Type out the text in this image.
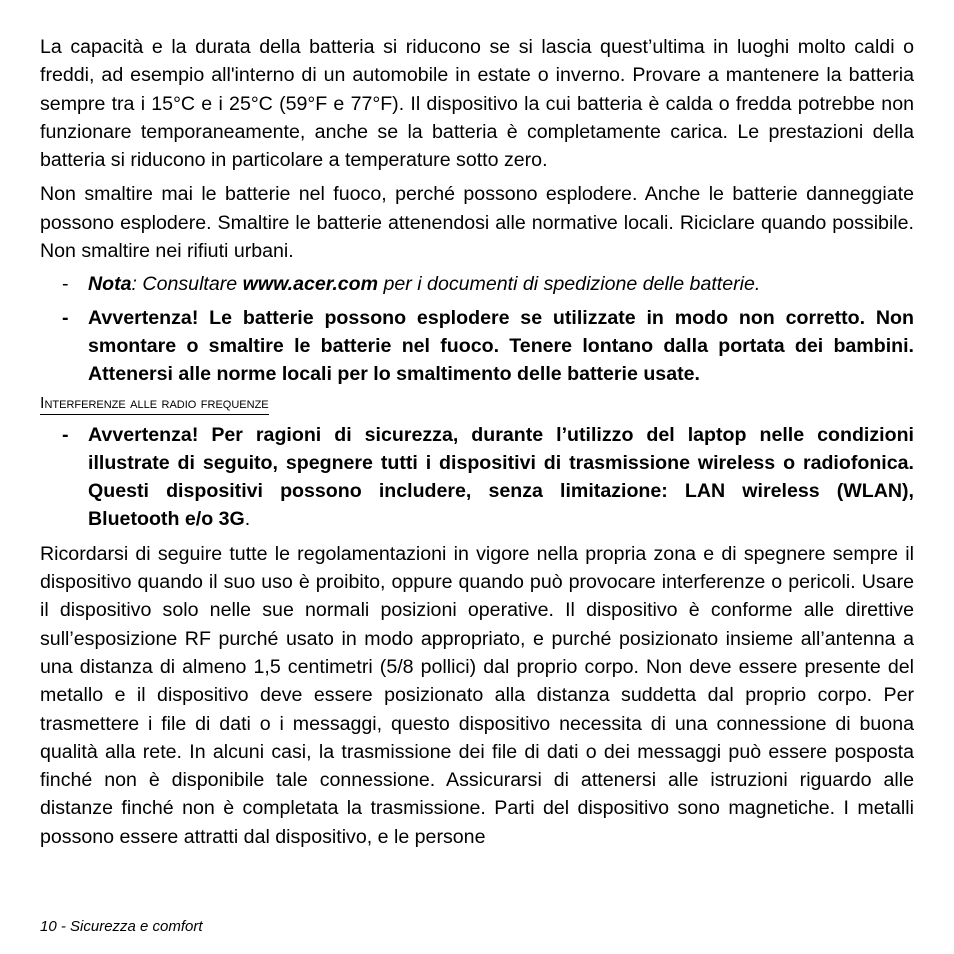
La capacità e la durata della batteria si riducono se si lascia quest’ultima in luoghi molto caldi o freddi, ad esempio all'interno di un automobile in estate o inverno. Provare a mantenere la batteria sempre tra i 15°C e i 25°C (59°F e 77°F). Il dispositivo la cui batteria è calda o fredda potrebbe non funzionare temporaneamente, anche se la batteria è completamente carica. Le prestazioni della batteria si riducono in particolare a temperature sotto zero.

Non smaltire mai le batterie nel fuoco, perché possono esplodere. Anche le batterie danneggiate possono esplodere. Smaltire le batterie attenendosi alle normative locali. Riciclare quando possibile. Non smaltire nei rifiuti urbani.

- Nota: Consultare www.acer.com per i documenti di spedizione delle batterie.
- Avvertenza! Le batterie possono esplodere se utilizzate in modo non corretto. Non smontare o smaltire le batterie nel fuoco. Tenere lontano dalla portata dei bambini. Attenersi alle norme locali per lo smaltimento delle batterie usate.
Interferenze alle radio frequenze
- Avvertenza! Per ragioni di sicurezza, durante l’utilizzo del laptop nelle condizioni illustrate di seguito, spegnere tutti i dispositivi di trasmissione wireless o radiofonica. Questi dispositivi possono includere, senza limitazione: LAN wireless (WLAN), Bluetooth e/o 3G.

Ricordarsi di seguire tutte le regolamentazioni in vigore nella propria zona e di spegnere sempre il dispositivo quando il suo uso è proibito, oppure quando può provocare interferenze o pericoli. Usare il dispositivo solo nelle sue normali posizioni operative. Il dispositivo è conforme alle direttive sull’esposizione RF purché usato in modo appropriato, e purché posizionato insieme all’antenna a una distanza di almeno 1,5 centimetri (5/8 pollici) dal proprio corpo. Non deve essere presente del metallo e il dispositivo deve essere posizionato alla distanza suddetta dal proprio corpo. Per trasmettere i file di dati o i messaggi, questo dispositivo necessita di una connessione di buona qualità alla rete. In alcuni casi, la trasmissione dei file di dati o dei messaggi può essere posposta finché non è disponibile tale connessione. Assicurarsi di attenersi alle istruzioni riguardo alle distanze finché non è completata la trasmissione. Parti del dispositivo sono magnetiche. I metalli possono essere attratti dal dispositivo, e le persone

10 - Sicurezza e comfort
